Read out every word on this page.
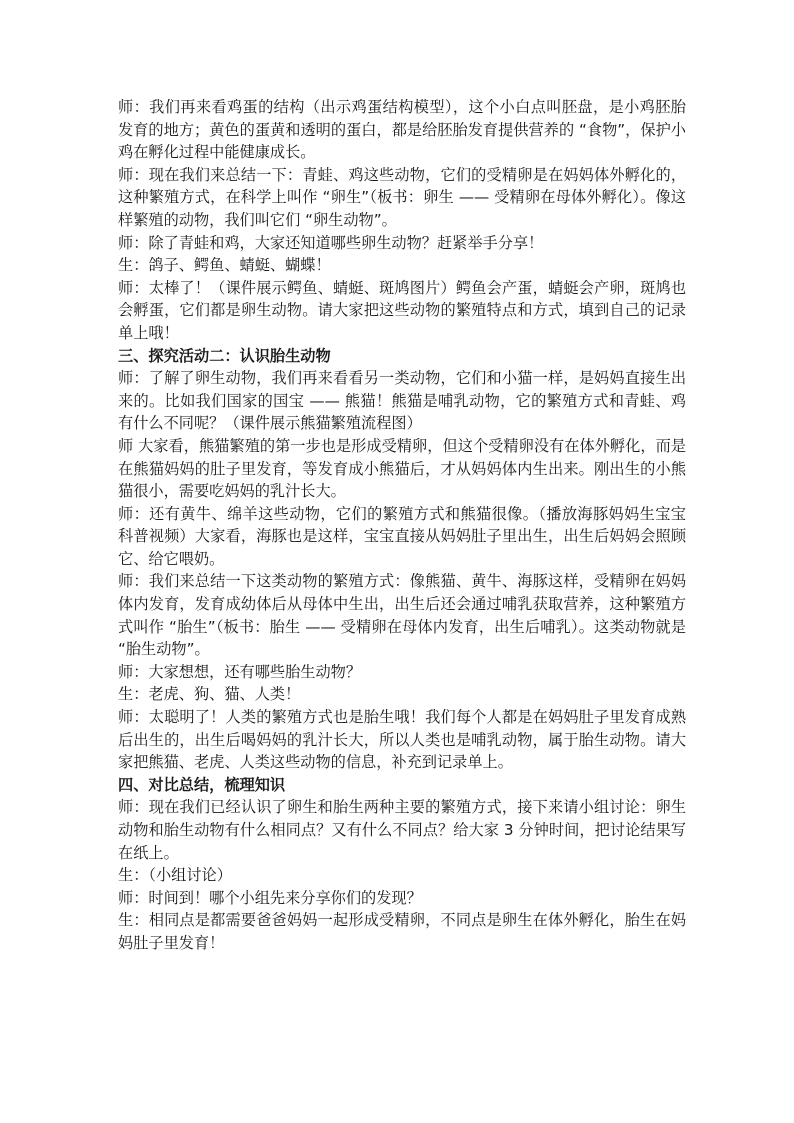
师：我们再来看鸡蛋的结构（出示鸡蛋结构模型），这个小白点叫胚盘，是小鸡胚胎发育的地方；黄色的蛋黄和透明的蛋白，都是给胚胎发育提供营养的 “食物”，保护小鸡在孵化过程中能健康成长。

师：现在我们来总结一下：青蛙、鸡这些动物，它们的受精卵是在妈妈体外孵化的，这种繁殖方式，在科学上叫作 “卵生”（板书：卵生 —— 受精卵在母体外孵化）。像这样繁殖的动物，我们叫它们 “卵生动物”。

师：除了青蛙和鸡，大家还知道哪些卵生动物？赶紧举手分享！

生：鸽子、鳄鱼、蜻蜓、蝴蝶！

师：太棒了！（课件展示鳄鱼、蜻蜓、斑鸠图片）鳄鱼会产蛋，蜻蜓会产卵，斑鸠也会孵蛋，它们都是卵生动物。请大家把这些动物的繁殖特点和方式，填到自己的记录单上哦！

三、探究活动二：认识胎生动物

师：了解了卵生动物，我们再来看看另一类动物，它们和小猫一样，是妈妈直接生出来的。比如我们国家的国宝 —— 熊猫！熊猫是哺乳动物，它的繁殖方式和青蛙、鸡有什么不同呢？（课件展示熊猫繁殖流程图）

师 大家看，熊猫繁殖的第一步也是形成受精卵，但这个受精卵没有在体外孵化，而是在熊猫妈妈的肚子里发育，等发育成小熊猫后，才从妈妈体内生出来。刚出生的小熊猫很小，需要吃妈妈的乳汁长大。

师：还有黄牛、绵羊这些动物，它们的繁殖方式和熊猫很像。（播放海豚妈妈生宝宝科普视频）大家看，海豚也是这样，宝宝直接从妈妈肚子里出生，出生后妈妈会照顾它、给它喂奶。

师：我们来总结一下这类动物的繁殖方式：像熊猫、黄牛、海豚这样，受精卵在妈妈体内发育，发育成幼体后从母体中生出，出生后还会通过哺乳获取营养，这种繁殖方式叫作 “胎生”（板书：胎生 —— 受精卵在母体内发育，出生后哺乳）。这类动物就是 “胎生动物”。

师：大家想想，还有哪些胎生动物？

生：老虎、狗、猫、人类！

师：太聪明了！人类的繁殖方式也是胎生哦！我们每个人都是在妈妈肚子里发育成熟后出生的，出生后喝妈妈的乳汁长大，所以人类也是哺乳动物，属于胎生动物。请大家把熊猫、老虎、人类这些动物的信息，补充到记录单上。

四、对比总结，梳理知识

师：现在我们已经认识了卵生和胎生两种主要的繁殖方式，接下来请小组讨论：卵生动物和胎生动物有什么相同点？又有什么不同点？给大家 3 分钟时间，把讨论结果写在纸上。

生：（小组讨论）

师：时间到！哪个小组先来分享你们的发现？

生：相同点是都需要爸爸妈妈一起形成受精卵，不同点是卵生在体外孵化，胎生在妈妈肚子里发育！
